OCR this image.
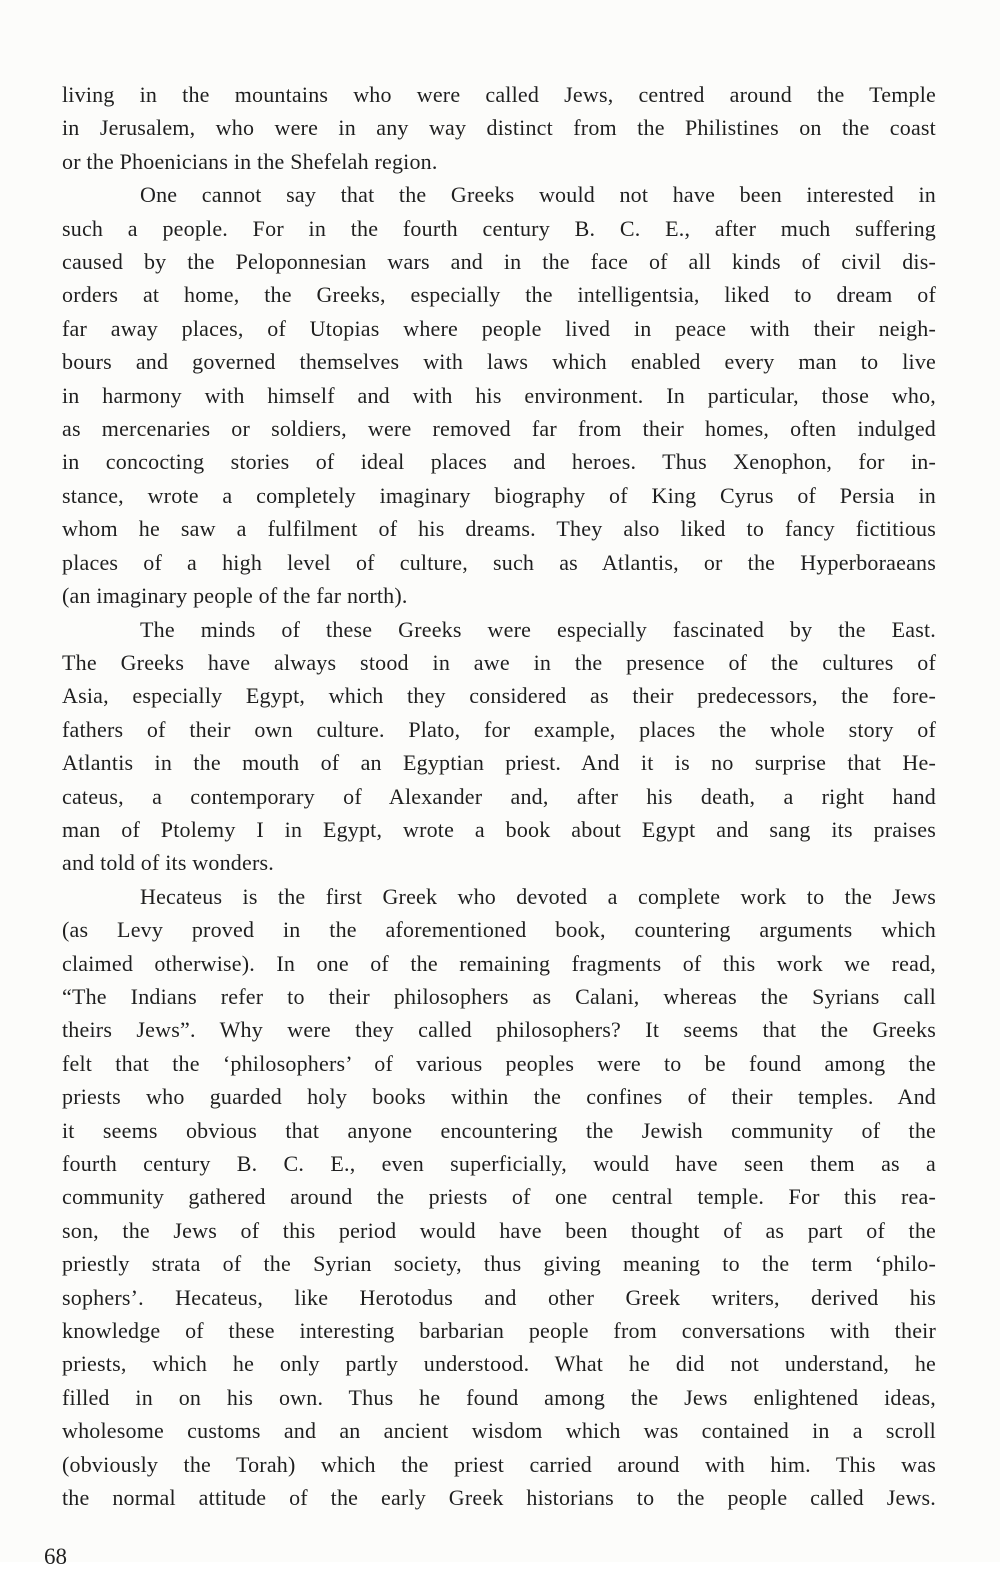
living in the mountains who were called Jews, centred around the Temple
in Jerusalem, who were in any way distinct from the Philistines on the coast
or the Phoenicians in the Shefelah region.
One cannot say that the Greeks would not have been interested in
such a people. For in the fourth century B. C. E., after much suffering
caused by the Peloponnesian wars and in the face of all kinds of civil dis-
orders at home, the Greeks, especially the intelligentsia, liked to dream of
far away places, of Utopias where people lived in peace with their neigh-
bours and governed themselves with laws which enabled every man to live
in harmony with himself and with his environment. In particular, those who,
as mercenaries or soldiers, were removed far from their homes, often indulged
in concocting stories of ideal places and heroes. Thus Xenophon, for in-
stance, wrote a completely imaginary biography of King Cyrus of Persia in
whom he saw a fulfilment of his dreams. They also liked to fancy fictitious
places of a high level of culture, such as Atlantis, or the Hyperboraeans
(an imaginary people of the far north).
The minds of these Greeks were especially fascinated by the East.
The Greeks have always stood in awe in the presence of the cultures of
Asia, especially Egypt, which they considered as their predecessors, the fore-
fathers of their own culture. Plato, for example, places the whole story of
Atlantis in the mouth of an Egyptian priest. And it is no surprise that He-
cateus, a contemporary of Alexander and, after his death, a right hand
man of Ptolemy I in Egypt, wrote a book about Egypt and sang its praises
and told of its wonders.
Hecateus is the first Greek who devoted a complete work to the Jews
(as Levy proved in the aforementioned book, countering arguments which
claimed otherwise). In one of the remaining fragments of this work we read,
“The Indians refer to their philosophers as Calani, whereas the Syrians call
theirs Jews”. Why were they called philosophers? It seems that the Greeks
felt that the ‘philosophers’ of various peoples were to be found among the
priests who guarded holy books within the confines of their temples. And
it seems obvious that anyone encountering the Jewish community of the
fourth century B. C. E., even superficially, would have seen them as a
community gathered around the priests of one central temple. For this rea-
son, the Jews of this period would have been thought of as part of the
priestly strata of the Syrian society, thus giving meaning to the term ‘philo-
sophers’. Hecateus, like Herotodus and other Greek writers, derived his
knowledge of these interesting barbarian people from conversations with their
priests, which he only partly understood. What he did not understand, he
filled in on his own. Thus he found among the Jews enlightened ideas,
wholesome customs and an ancient wisdom which was contained in a scroll
(obviously the Torah) which the priest carried around with him. This was
the normal attitude of the early Greek historians to the people called Jews.
68
